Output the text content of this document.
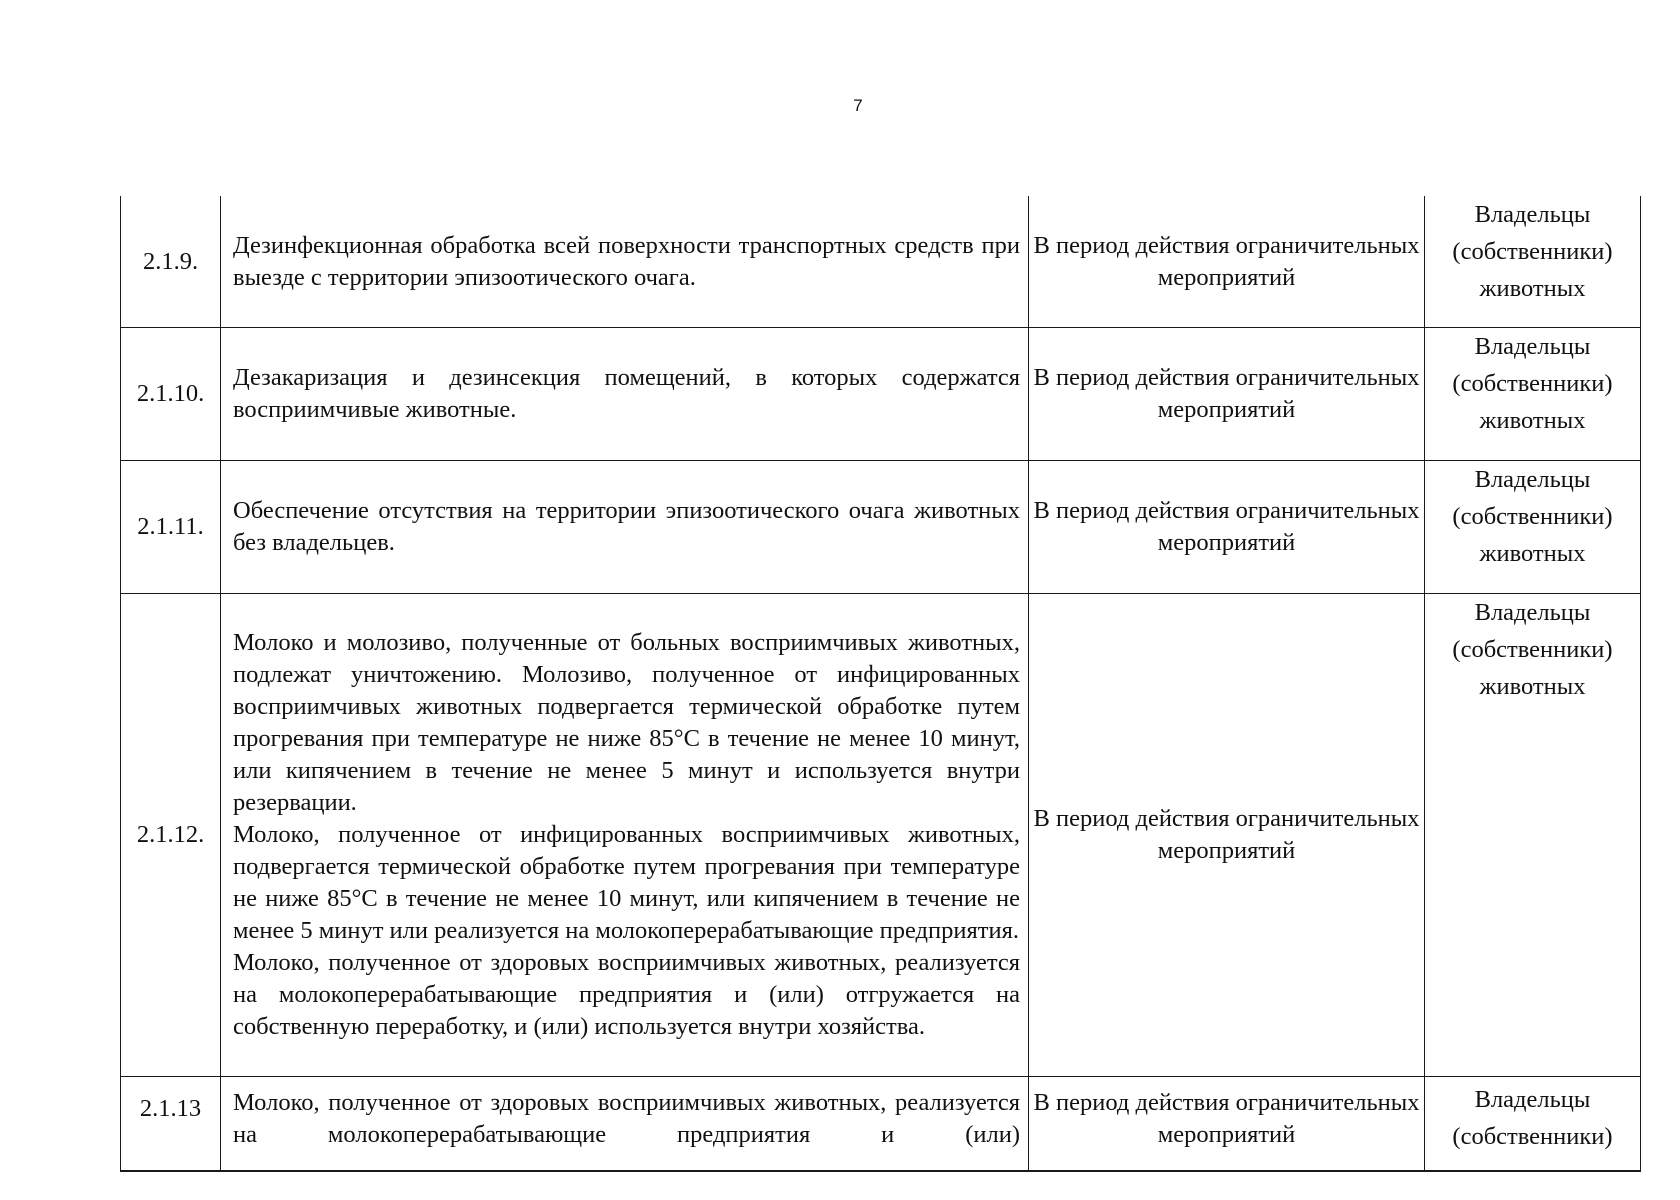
7
2.1.9.	Дезинфекционная обработка всей поверхности транспортных средств при выезде с территории эпизоотического очага.	В период действия ограничительных мероприятий	Владельцы (собственники) животных

2.1.10.	Дезакаризация и дезинсекция помещений, в которых содержатся восприимчивые животные.	В период действия ограничительных мероприятий	Владельцы (собственники) животных

2.1.11.	Обеспечение отсутствия на территории эпизоотического очага животных без владельцев.	В период действия ограничительных мероприятий	Владельцы (собственники) животных

2.1.12.	Молоко и молозиво, полученные от больных восприимчивых животных, подлежат уничтожению. Молозиво, полученное от инфицированных восприимчивых животных подвергается термической обработке путем прогревания при температуре не ниже 85°С в течение не менее 10 минут, или кипячением в течение не менее 5 минут и используется внутри резервации.
Молоко, полученное от инфицированных восприимчивых животных, подвергается термической обработке путем прогревания при температуре не ниже 85°С в течение не менее 10 минут, или кипячением в течение не менее 5 минут или реализуется на молокоперерабатывающие предприятия.
Молоко, полученное от здоровых восприимчивых животных, реализуется на молокоперерабатывающие предприятия и (или) отгружается на собственную переработку, и (или) используется внутри хозяйства.	В период действия ограничительных мероприятий	Владельцы (собственники) животных

2.1.13	Молоко, полученное от здоровых восприимчивых животных, реализуется на молокоперерабатывающие предприятия и (или)	В период действия ограничительных мероприятий	Владельцы (собственники)
